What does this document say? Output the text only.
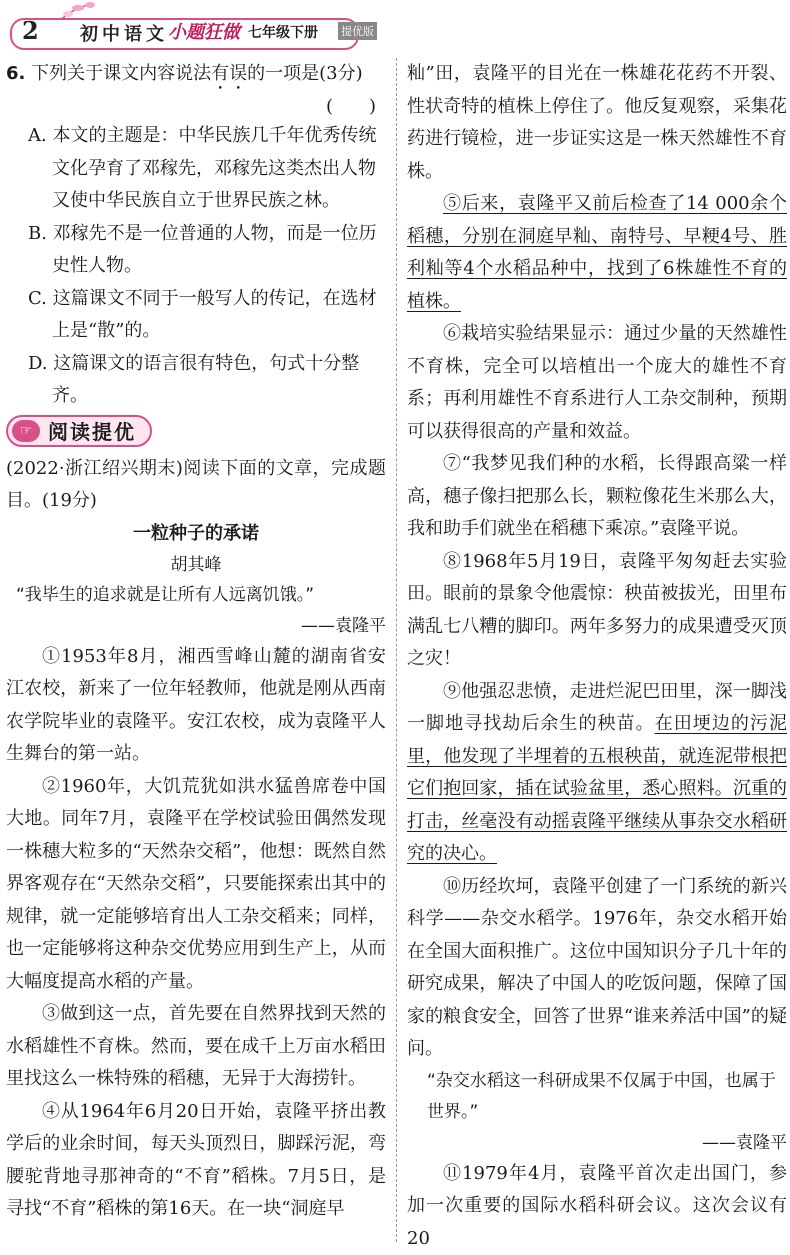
2 初中语文 小题狂做 七年级下册 提优版
6. 下列关于课文内容说法有误的一项是(3分)
(　　)
A. 本文的主题是：中华民族几千年优秀传统文化孕育了邓稼先，邓稼先这类杰出人物又使中华民族自立于世界民族之林。
B. 邓稼先不是一位普通的人物，而是一位历史性人物。
C. 这篇课文不同于一般写人的传记，在选材上是“散”的。
D. 这篇课文的语言很有特色，句式十分整齐。
☞ 阅读提优

(2022·浙江绍兴期末)阅读下面的文章，完成题目。(19分)

一粒种子的承诺
胡其峰
“我毕生的追求就是让所有人远离饥饿。”
——袁隆平

①1953年8月，湘西雪峰山麓的湖南省安江农校，新来了一位年轻教师，他就是刚从西南农学院毕业的袁隆平。安江农校，成为袁隆平人生舞台的第一站。

②1960年，大饥荒犹如洪水猛兽席卷中国大地。同年7月，袁隆平在学校试验田偶然发现一株穗大粒多的“天然杂交稻”，他想：既然自然界客观存在“天然杂交稻”，只要能探索出其中的规律，就一定能够培育出人工杂交稻来；同样，也一定能够将这种杂交优势应用到生产上，从而大幅度提高水稻的产量。

③做到这一点，首先要在自然界找到天然的水稻雄性不育株。然而，要在成千上万亩水稻田里找这么一株特殊的稻穗，无异于大海捞针。

④从1964年6月20日开始，袁隆平挤出教学后的业余时间，每天头顶烈日，脚踩污泥，弯腰驼背地寻那神奇的“不育”稻株。7月5日，是寻找“不育”稻株的第16天。在一块“洞庭早

籼”田，袁隆平的目光在一株雄花花药不开裂、性状奇特的植株上停住了。他反复观察，采集花药进行镜检，进一步证实这是一株天然雄性不育株。

⑤后来，袁隆平又前后检查了14 000余个稻穗，分别在洞庭早籼、南特号、早粳4号、胜利籼等4个水稻品种中，找到了6株雄性不育的植株。

⑥栽培实验结果显示：通过少量的天然雄性不育株，完全可以培植出一个庞大的雄性不育系；再利用雄性不育系进行人工杂交制种，预期可以获得很高的产量和效益。

⑦“我梦见我们种的水稻，长得跟高粱一样高，穗子像扫把那么长，颗粒像花生米那么大，我和助手们就坐在稻穗下乘凉。”袁隆平说。

⑧1968年5月19日，袁隆平匆匆赶去实验田。眼前的景象令他震惊：秧苗被拔光，田里布满乱七八糟的脚印。两年多努力的成果遭受灭顶之灾！

⑨他强忍悲愤，走进烂泥巴田里，深一脚浅一脚地寻找劫后余生的秧苗。在田埂边的污泥里，他发现了半埋着的五根秧苗，就连泥带根把它们抱回家，插在试验盆里，悉心照料。沉重的打击，丝毫没有动摇袁隆平继续从事杂交水稻研究的决心。

⑩历经坎坷，袁隆平创建了一门系统的新兴科学——杂交水稻学。1976年，杂交水稻开始在全国大面积推广。这位中国知识分子几十年的研究成果，解决了中国人的吃饭问题，保障了国家的粮食安全，回答了世界“谁来养活中国”的疑问。

“杂交水稻这一科研成果不仅属于中国，也属于世界。”
——袁隆平

⑪1979年4月，袁隆平首次走出国门，参加一次重要的国际水稻科研会议。这次会议有20
